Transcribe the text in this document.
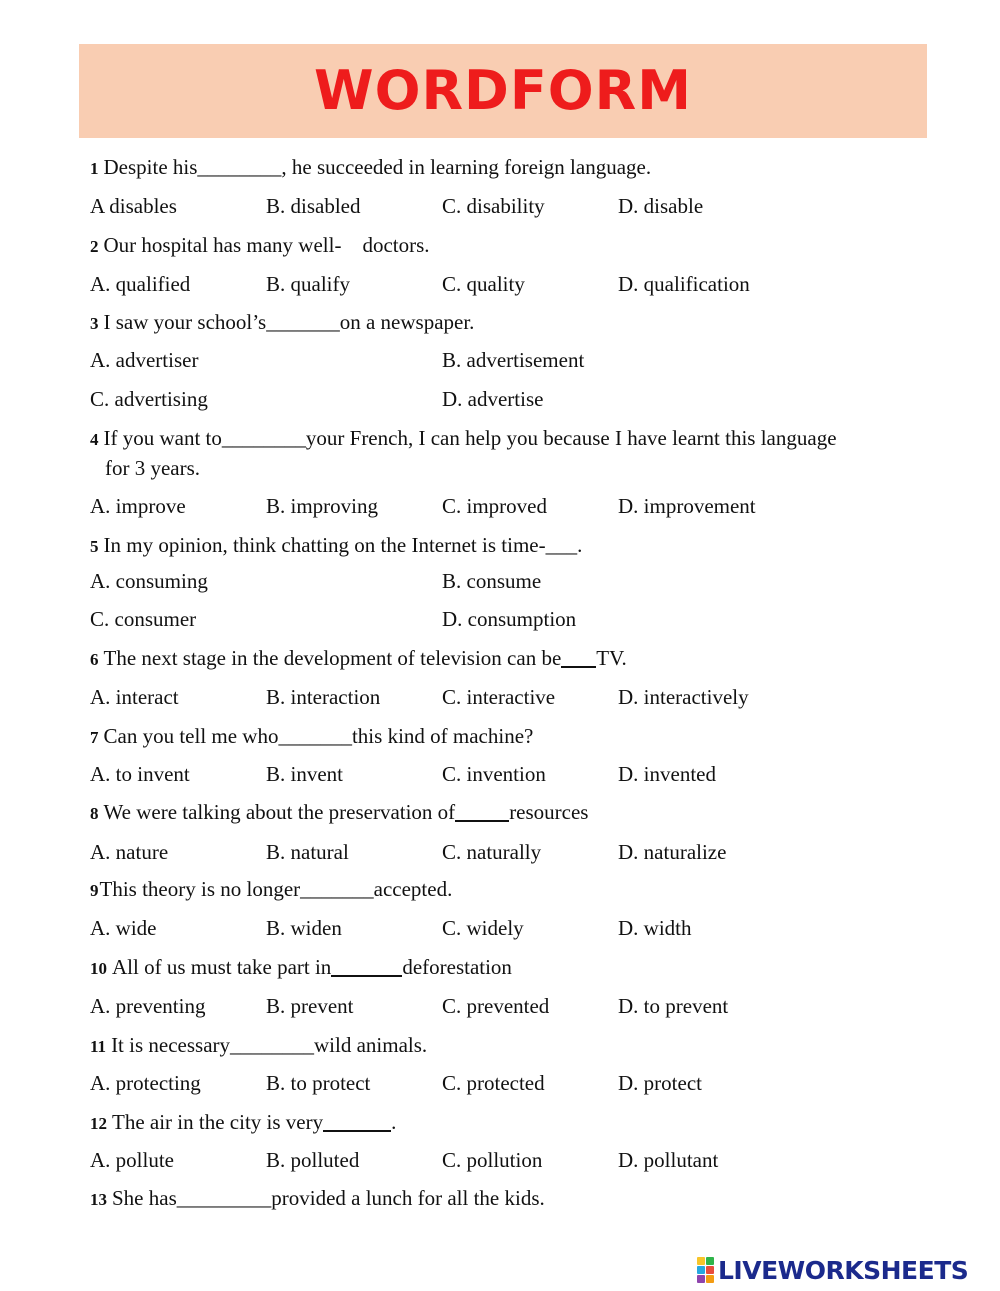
WORDFORM
1 Despite his________, he succeeded in learning foreign language.
A disables	B. disabled	C. disability	D. disable
2 Our hospital has many well-    doctors.
A. qualified	B. qualify	C. quality	D. qualification
3 I saw your school’s_______on a newspaper.
A. advertiser	B. advertisement
C. advertising	D. advertise
4 If you want to________your French, I can help you because I have learnt this language
for 3 years.
A. improve	B. improving	C. improved	D. improvement
5 In my opinion, think chatting on the Internet is time-___.
A. consuming	B. consume
C. consumer	D. consumption
6 The next stage in the development of television can be TV.
A. interact	B. interaction	C. interactive	D. interactively
7 Can you tell me who_______this kind of machine?
A. to invent	B. invent	C. invention	D. invented
8 We were talking about the preservation of	resources
A. nature	B. natural	C. naturally	D. naturalize
9This theory is no longer_______accepted.
A. wide	B. widen	C. widely	D. width
10 All of us must take part in	deforestation
A. preventing	B. prevent	C. prevented	D. to prevent
11 It is necessary________wild animals.
A. protecting	B. to protect	C. protected	D. protect
12 The air in the city is very	.
A. pollute	B. polluted	C. pollution	D. pollutant
13 She has_________provided a lunch for all the kids.
LIVEWORKSHEETS
